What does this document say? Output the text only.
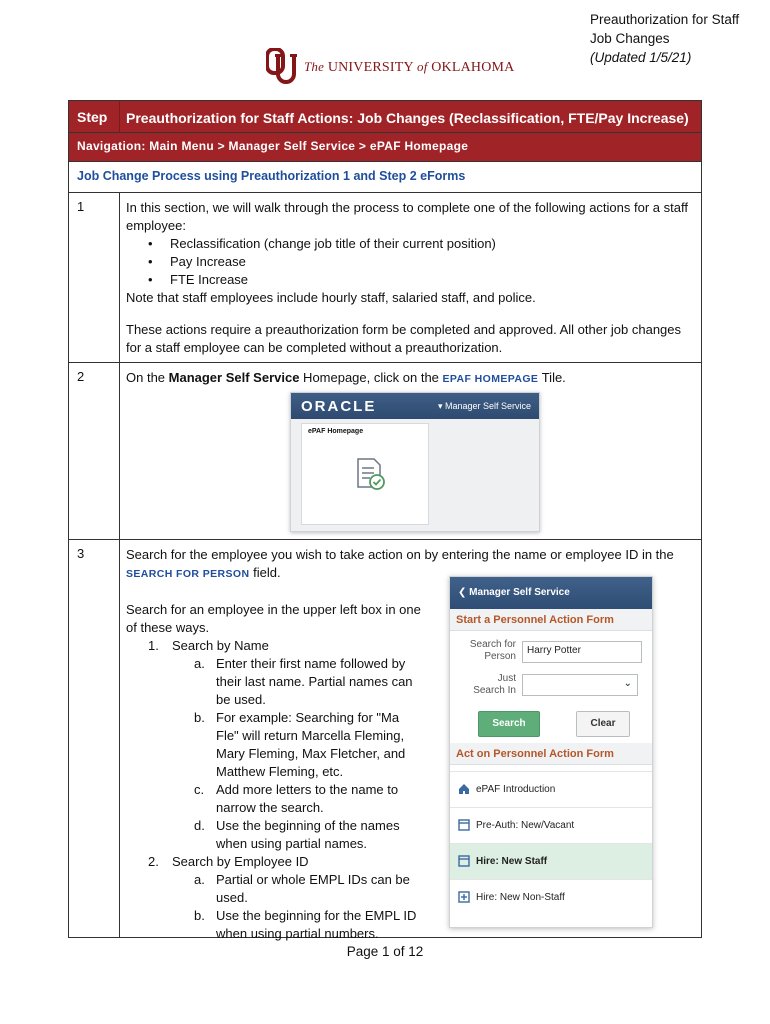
Preauthorization for Staff
Job Changes
(Updated 1/5/21)
The UNIVERSITY of OKLAHOMA
Step	Preauthorization for Staff Actions: Job Changes (Reclassification, FTE/Pay Increase)
Navigation: Main Menu > Manager Self Service > ePAF Homepage
Job Change Process using Preauthorization 1 and Step 2 eForms
1	In this section, we will walk through the process to complete one of the following actions for a staff employee:
• Reclassification (change job title of their current position)
• Pay Increase
• FTE Increase
Note that staff employees include hourly staff, salaried staff, and police.
These actions require a preauthorization form be completed and approved. All other job changes for a staff employee can be completed without a preauthorization.
2	On the Manager Self Service Homepage, click on the EPAF HOMEPAGE Tile.
3	Search for the employee you wish to take action on by entering the name or employee ID in the
SEARCH FOR PERSON field.
Search for an employee in the upper left box in one of these ways.
1.	Search by Name
a. Enter their first name followed by their last name. Partial names can be used.
b. For example: Searching for "Ma Fle" will return Marcella Fleming, Mary Fleming, Max Fletcher, and Matthew Fleming, etc.
c. Add more letters to the name to narrow the search.
d. Use the beginning of the names when using partial names.
2.	Search by Employee ID
a. Partial or whole EMPL IDs can be used.
b. Use the beginning for the EMPL ID when using partial numbers.
ORACLE	▾ Manager Self Service
ePAF Homepage
❮ Manager Self Service
Start a Personnel Action Form
Search for
Person
Harry Potter
Just
Search In
⌄
Search	Clear
Act on Personnel Action Form
ePAF Introduction
Pre-Auth: New/Vacant
Hire: New Staff
Hire: New Non-Staff
Page 1 of 12
